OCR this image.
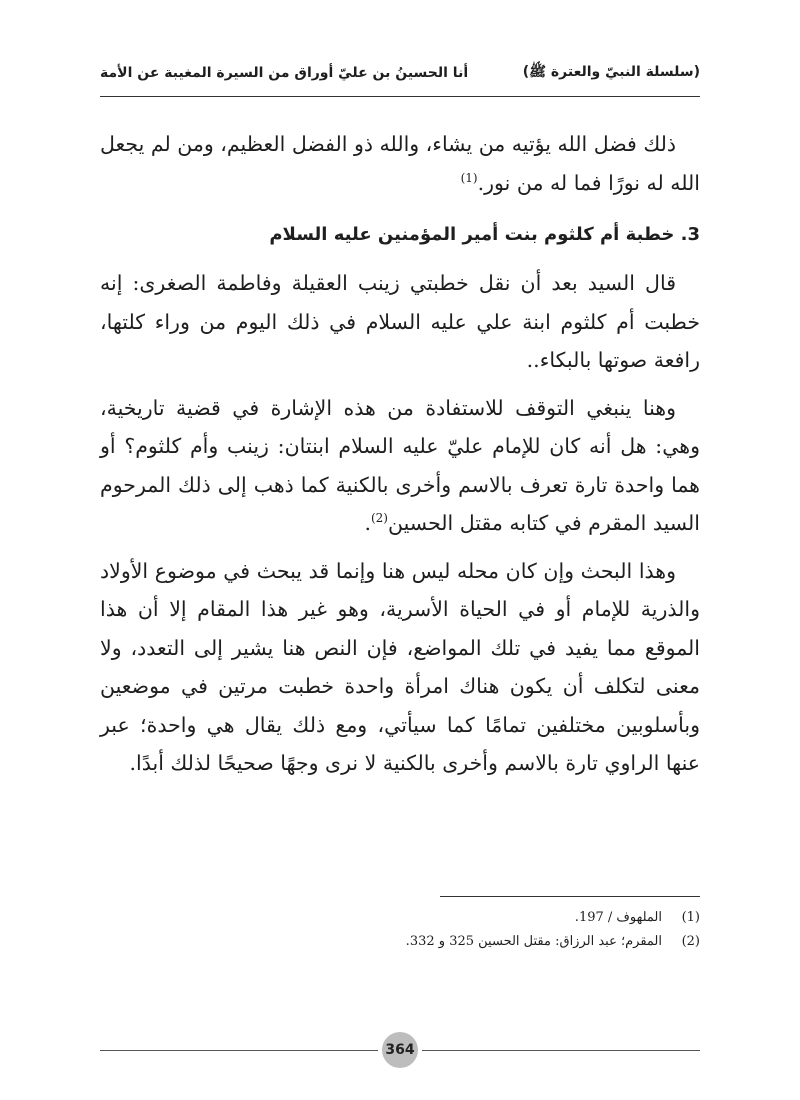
أنا الحسينُ بن عليّ أوراق من السيرة المغيبة عن الأمة	(سلسلة النبيّ والعترة ﷺ)

ذلك فضل الله يؤتيه من يشاء، والله ذو الفضل العظيم، ومن لم يجعل الله له نورًا فما له من نور.$^{(1)}$

3. خطبة أم كلثوم بنت أمير المؤمنين عليه السلام

قال السيد بعد أن نقل خطبتي زينب العقيلة وفاطمة الصغرى: إنه خطبت أم كلثوم ابنة علي عليه السلام في ذلك اليوم من وراء كلتها، رافعة صوتها بالبكاء..

وهنا ينبغي التوقف للاستفادة من هذه الإشارة في قضية تاريخية، وهي: هل أنه كان للإمام عليّ عليه السلام ابنتان: زينب وأم كلثوم؟ أو هما واحدة تارة تعرف بالاسم وأخرى بالكنية كما ذهب إلى ذلك المرحوم السيد المقرم في كتابه مقتل الحسين$^{(2)}$.

وهذا البحث وإن كان محله ليس هنا وإنما قد يبحث في موضوع الأولاد والذرية للإمام أو في الحياة الأسرية، وهو غير هذا المقام إلا أن هذا الموقع مما يفيد في تلك المواضع، فإن النص هنا يشير إلى التعدد، ولا معنى لتكلف أن يكون هناك امرأة واحدة خطبت مرتين في موضعين وبأسلوبين مختلفين تمامًا كما سيأتي، ومع ذلك يقال هي واحدة؛ عبر عنها الراوي تارة بالاسم وأخرى بالكنية لا نرى وجهًا صحيحًا لذلك أبدًا.

(1)
الملهوف / 197.
(2)
المقرم؛ عبد الرزاق: مقتل الحسين 325 و 332.
364
